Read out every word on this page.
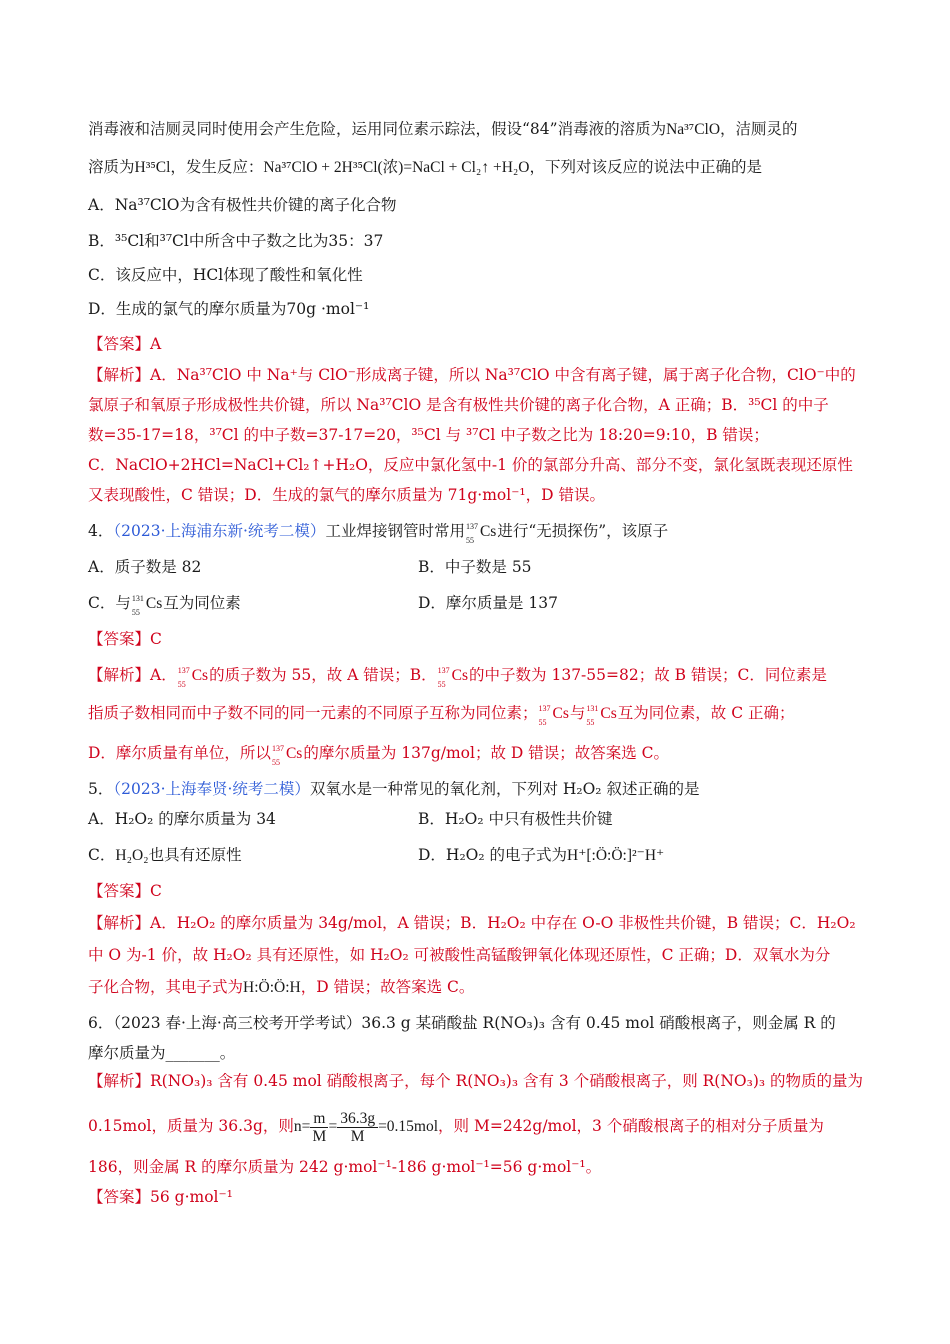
消毒液和洁厕灵同时使用会产生危险，运用同位素示踪法，假设“84”消毒液的溶质为Na³⁷ClO，洁厕灵的
溶质为H³⁵Cl，发生反应：Na³⁷ClO + 2H³⁵Cl(浓)=NaCl + Cl₂↑ +H₂O，下列对该反应的说法中正确的是
A．Na³⁷ClO为含有极性共价键的离子化合物
B．³⁵Cl和³⁷Cl中所含中子数之比为35：37
C．该反应中，HCl体现了酸性和氧化性
D．生成的氯气的摩尔质量为70g ·mol⁻¹
【答案】A
【解析】A．Na³⁷ClO 中 Na⁺与 ClO⁻形成离子键，所以 Na³⁷ClO 中含有离子键，属于离子化合物，ClO⁻中的
氯原子和氧原子形成极性共价键，所以 Na³⁷ClO 是含有极性共价键的离子化合物，A 正确；B．³⁵Cl 的中子
数=35-17=18，³⁷Cl 的中子数=37-17=20，³⁵Cl 与 ³⁷Cl 中子数之比为 18:20=9:10，B 错误；
C．NaClO+2HCl=NaCl+Cl₂↑+H₂O，反应中氯化氢中-1 价的氯部分升高、部分不变，氯化氢既表现还原性
又表现酸性，C 错误；D．生成的氯气的摩尔质量为 71g·mol⁻¹，D 错误。
4．（2023·上海浦东新·统考二模）工业焊接钢管时常用 137
55
Cs进行“无损探伤”，该原子
A．质子数是 82	B．中子数是 55
C．与 131
55
Cs互为同位素	D．摩尔质量是 137
【答案】C
【解析】A． 137
55
Cs的质子数为 55，故 A 错误；B． 137
55
Cs的中子数为 137-55=82；故 B 错误；C．同位素是
指质子数相同而中子数不同的同一元素的不同原子互称为同位素； 137
55
Cs与 131
55
Cs互为同位素，故 C 正确；
D．摩尔质量有单位，所以 137
55
Cs的摩尔质量为 137g/mol；故 D 错误；故答案选 C。
5．（2023·上海奉贤·统考二模）双氧水是一种常见的氧化剂，下列对 H₂O₂ 叙述正确的是
A．H₂O₂ 的摩尔质量为 34	B．H₂O₂ 中只有极性共价键
C．H₂O₂也具有还原性	D．H₂O₂ 的电子式为H⁺[:Ö:Ö:]²⁻H⁺
【答案】C
【解析】A．H₂O₂ 的摩尔质量为 34g/mol，A 错误；B．H₂O₂ 中存在 O-O 非极性共价键，B 错误；C．H₂O₂
中 O 为-1 价，故 H₂O₂ 具有还原性，如 H₂O₂ 可被酸性高锰酸钾氧化体现还原性，C 正确；D．双氧水为分
子化合物，其电子式为H:Ö:Ö:H，D 错误；故答案选 C。
6．（2023 春·上海·高三校考开学考试）36.3 g 某硝酸盐 R(NO₃)₃ 含有 0.45 mol 硝酸根离子，则金属 R 的
摩尔质量为_______。
【解析】R(NO₃)₃ 含有 0.45 mol 硝酸根离子，每个 R(NO₃)₃ 含有 3 个硝酸根离子，则 R(NO₃)₃ 的物质的量为
0.15mol，质量为 36.3g，则$n= \frac{m}{M} = \frac{36.3g}{M} =0.15mol$，则 M=242g/mol，3 个硝酸根离子的相对分子质量为
186，则金属 R 的摩尔质量为 242 g·mol⁻¹-186 g·mol⁻¹=56 g·mol⁻¹。
【答案】56 g·mol⁻¹
